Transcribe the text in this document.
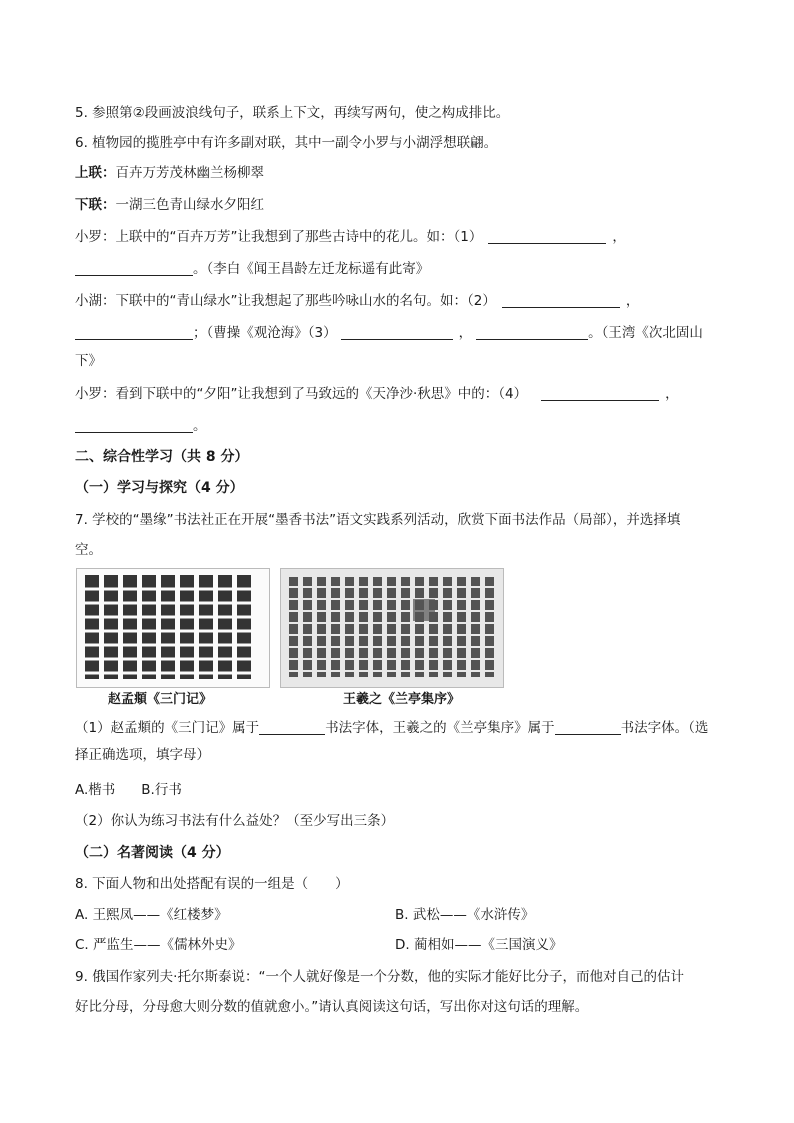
5. 参照第②段画波浪线句子，联系上下文，再续写两句，使之构成排比。
6. 植物园的揽胜亭中有许多副对联，其中一副令小罗与小湖浮想联翩。
上联：百卉万芳茂林幽兰杨柳翠
下联：一湖三色青山绿水夕阳红
小罗：上联中的“百卉万芳”让我想到了那些古诗中的花儿。如：（1）	，
。（李白《闻王昌龄左迁龙标遥有此寄》
小湖：下联中的“青山绿水”让我想起了那些吟咏山水的名句。如：（2）	，
；（曹操《观沧海》（3）	，	。（王湾《次北固山
下》
小罗：看到下联中的“夕阳”让我想到了马致远的《天净沙·秋思》中的：（4）	，
。
二、综合性学习（共 8 分）
（一）学习与探究（4 分）
7. 学校的“墨缘”书法社正在开展“墨香书法”语文实践系列活动，欣赏下面书法作品（局部），并选择填
空。
赵孟頫《三门记》	王羲之《兰亭集序》
（1）赵孟頫的《三门记》属于	书法字体，王羲之的《兰亭集序》属于	书法字体。（选
择正确选项，填字母）
A.楷书 B.行书
（2）你认为练习书法有什么益处？（至少写出三条）
（二）名著阅读（4 分）
8. 下面人物和出处搭配有误的一组是（　　）
A. 王熙凤——《红楼梦》	B. 武松——《水浒传》
C. 严监生——《儒林外史》	D. 蔺相如——《三国演义》
9. 俄国作家列夫·托尔斯泰说：“一个人就好像是一个分数，他的实际才能好比分子，而他对自己的估计
好比分母，分母愈大则分数的值就愈小。”请认真阅读这句话，写出你对这句话的理解。
